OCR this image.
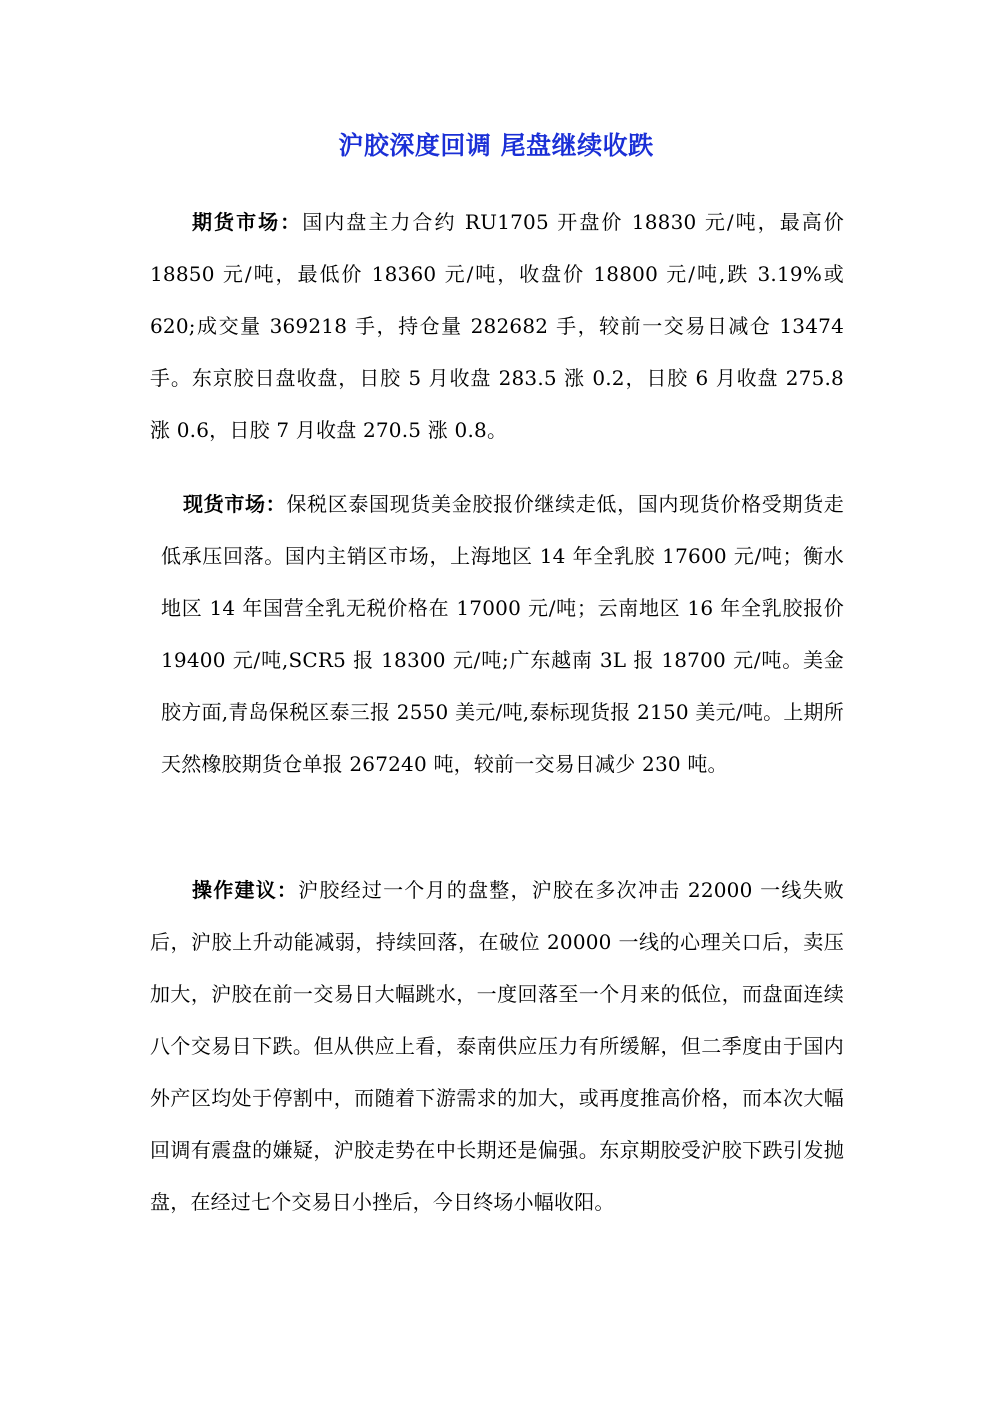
沪胶深度回调 尾盘继续收跌
期货市场：国内盘主力合约 RU1705 开盘价 18830 元/吨，最高价 18850 元/吨，最低价 18360 元/吨，收盘价 18800 元/吨,跌 3.19%或 620;成交量 369218 手，持仓量 282682 手，较前一交易日减仓 13474 手。东京胶日盘收盘，日胶 5 月收盘 283.5 涨 0.2，日胶 6 月收盘 275.8 涨 0.6，日胶 7 月收盘 270.5 涨 0.8。
现货市场：保税区泰国现货美金胶报价继续走低，国内现货价格受期货走低承压回落。国内主销区市场，上海地区 14 年全乳胶 17600 元/吨；衡水地区 14 年国营全乳无税价格在 17000 元/吨；云南地区 16 年全乳胶报价 19400 元/吨,SCR5 报 18300 元/吨;广东越南 3L 报 18700 元/吨。美金胶方面,青岛保税区泰三报 2550 美元/吨,泰标现货报 2150 美元/吨。上期所天然橡胶期货仓单报 267240 吨，较前一交易日减少 230 吨。
操作建议：沪胶经过一个月的盘整，沪胶在多次冲击 22000 一线失败后，沪胶上升动能减弱，持续回落，在破位 20000 一线的心理关口后，卖压加大，沪胶在前一交易日大幅跳水，一度回落至一个月来的低位，而盘面连续八个交易日下跌。但从供应上看，泰南供应压力有所缓解，但二季度由于国内外产区均处于停割中，而随着下游需求的加大，或再度推高价格，而本次大幅回调有震盘的嫌疑，沪胶走势在中长期还是偏强。东京期胶受沪胶下跌引发抛盘，在经过七个交易日小挫后，今日终场小幅收阳。
